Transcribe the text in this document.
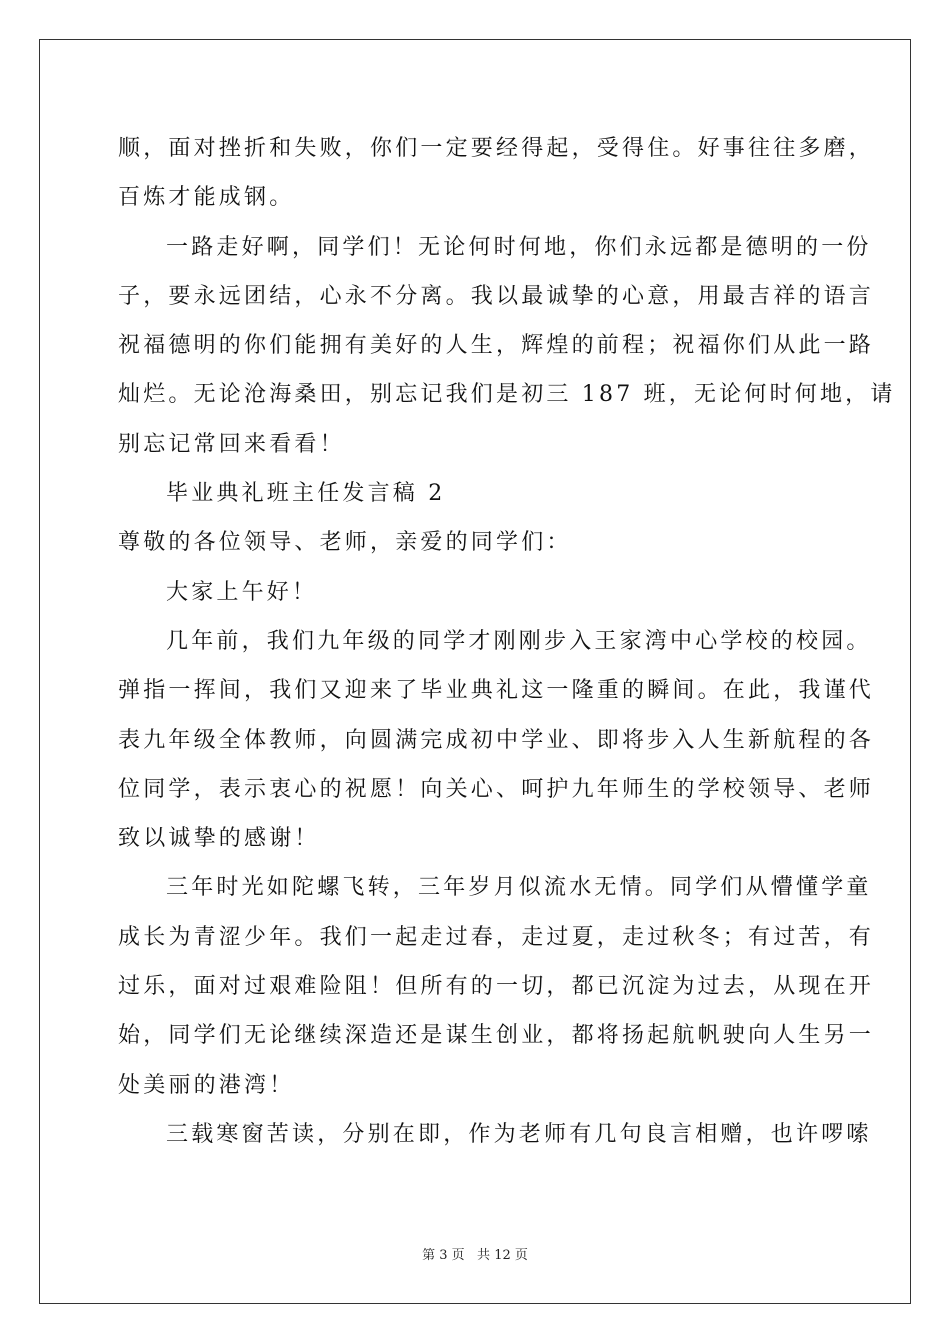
顺，面对挫折和失败，你们一定要经得起，受得住。好事往往多磨，
百炼才能成钢。
一路走好啊，同学们！无论何时何地，你们永远都是德明的一份
子，要永远团结，心永不分离。我以最诚挚的心意，用最吉祥的语言
祝福德明的你们能拥有美好的人生，辉煌的前程；祝福你们从此一路
灿烂。无论沧海桑田，别忘记我们是初三 187 班，无论何时何地，请
别忘记常回来看看！
毕业典礼班主任发言稿 2
尊敬的各位领导、老师，亲爱的同学们：
大家上午好！
几年前，我们九年级的同学才刚刚步入王家湾中心学校的校园。
弹指一挥间，我们又迎来了毕业典礼这一隆重的瞬间。在此，我谨代
表九年级全体教师，向圆满完成初中学业、即将步入人生新航程的各
位同学，表示衷心的祝愿！向关心、呵护九年师生的学校领导、老师
致以诚挚的感谢！
三年时光如陀螺飞转，三年岁月似流水无情。同学们从懵懂学童
成长为青涩少年。我们一起走过春，走过夏，走过秋冬；有过苦，有
过乐，面对过艰难险阻！但所有的一切，都已沉淀为过去，从现在开
始，同学们无论继续深造还是谋生创业，都将扬起航帆驶向人生另一
处美丽的港湾！
三载寒窗苦读，分别在即，作为老师有几句良言相赠，也许啰嗦
第 3 页   共 12 页
